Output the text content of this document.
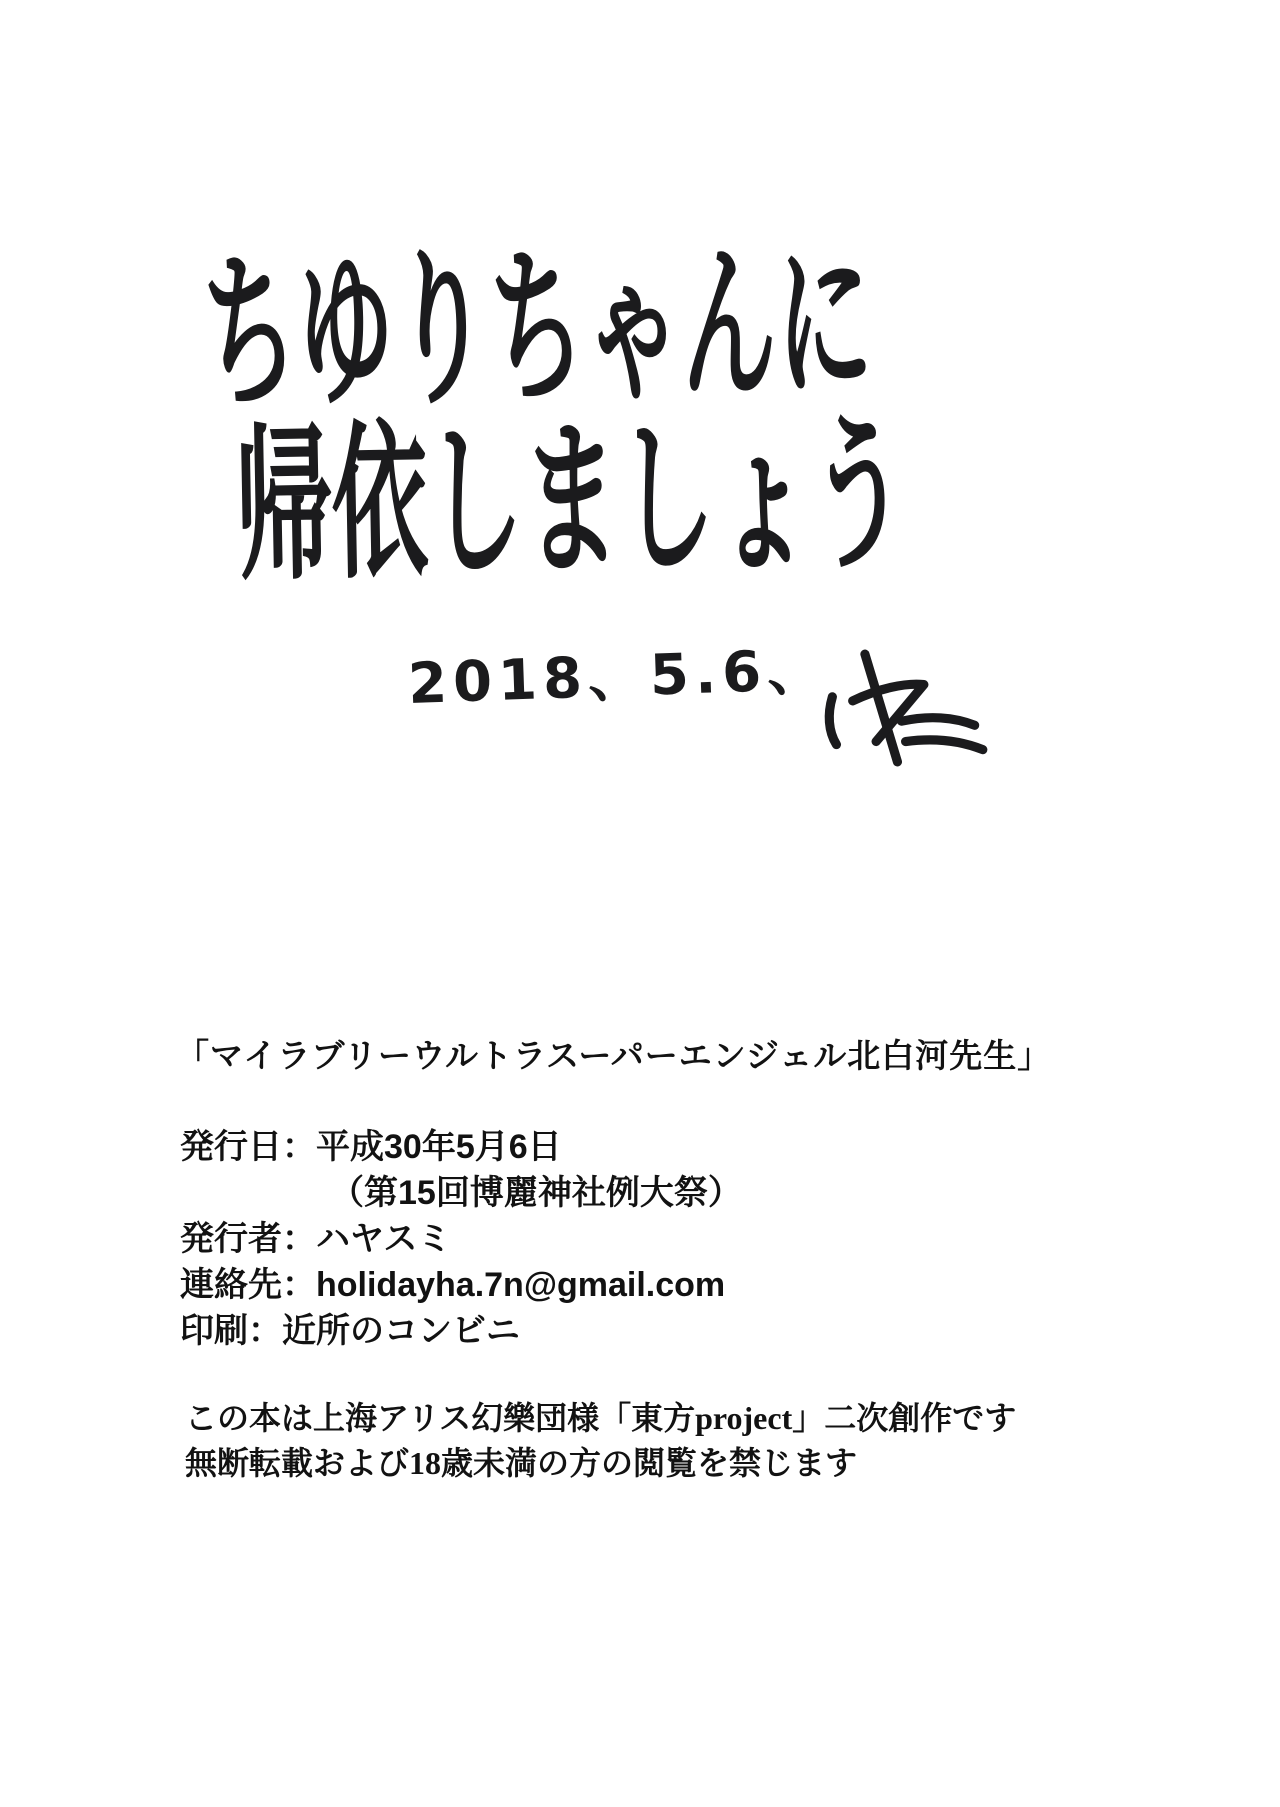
ちゆりちゃんに
帰依しましょう
2018、5.6、
「マイラブリーウルトラスーパーエンジェル北白河先生」
発行日：平成30年5月6日
（第15回博麗神社例大祭）
発行者：ハヤスミ
連絡先：holidayha.7n@gmail.com
印刷：近所のコンビニ
この本は上海アリス幻樂団様「東方project」二次創作です
無断転載および18歳未満の方の閲覧を禁じます
